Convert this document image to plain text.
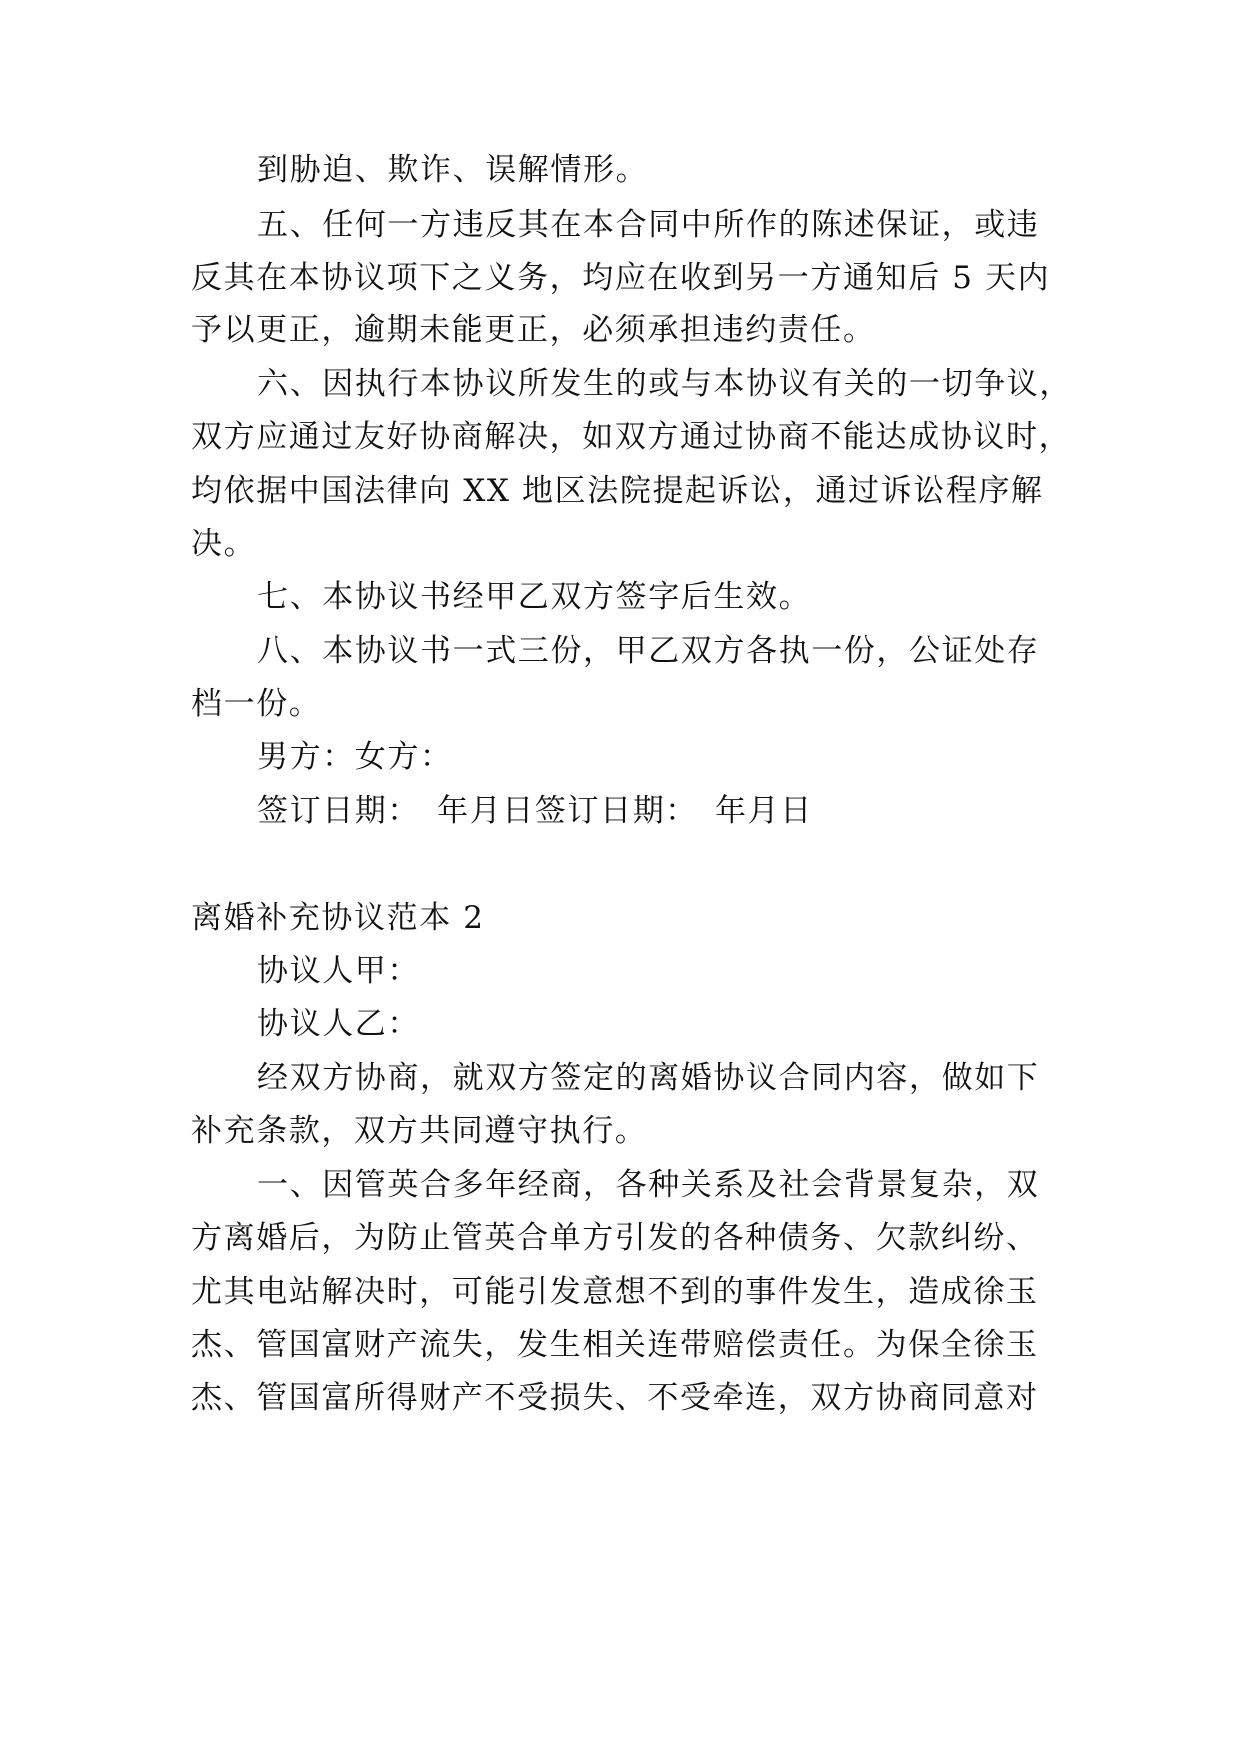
到胁迫、欺诈、误解情形。
五、任何一方违反其在本合同中所作的陈述保证，或违
反其在本协议项下之义务，均应在收到另一方通知后 5 天内
予以更正，逾期未能更正，必须承担违约责任。
六、因执行本协议所发生的或与本协议有关的一切争议，
双方应通过友好协商解决，如双方通过协商不能达成协议时，
均依据中国法律向 XX 地区法院提起诉讼，通过诉讼程序解
决。
七、本协议书经甲乙双方签字后生效。
八、本协议书一式三份，甲乙双方各执一份，公证处存
档一份。
男方：女方：
签订日期：　年月日签订日期：　年月日
离婚补充协议范本 2
协议人甲：
协议人乙：
经双方协商，就双方签定的离婚协议合同内容，做如下
补充条款，双方共同遵守执行。
一、因管英合多年经商，各种关系及社会背景复杂，双
方离婚后，为防止管英合单方引发的各种债务、欠款纠纷、
尤其电站解决时，可能引发意想不到的事件发生，造成徐玉
杰、管国富财产流失，发生相关连带赔偿责任。为保全徐玉
杰、管国富所得财产不受损失、不受牵连，双方协商同意对
